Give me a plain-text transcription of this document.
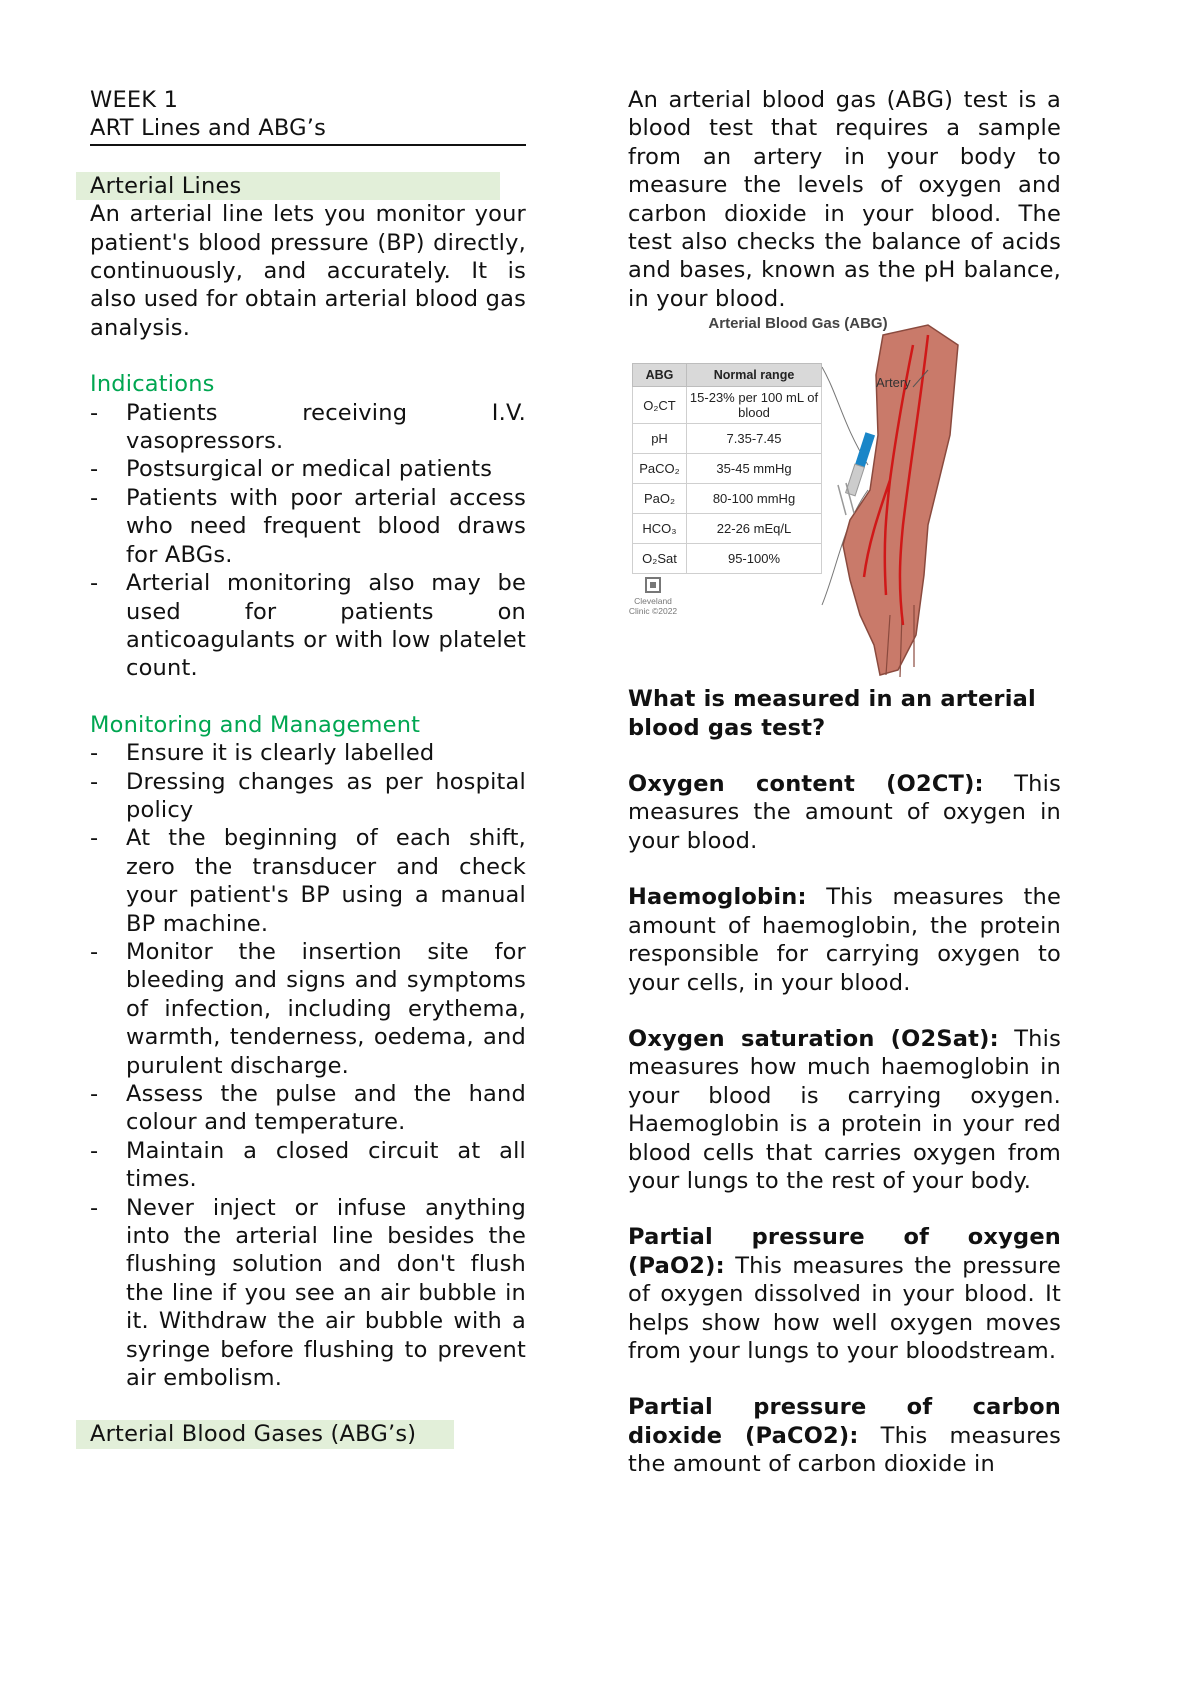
WEEK 1
ART Lines and ABG’s
Arterial Lines
An arterial line lets you monitor your patient's blood pressure (BP) directly, continuously, and accurately. It is also used for obtain arterial blood gas analysis.
Indications
- Patients receiving I.V. vasopressors.
- Postsurgical or medical patients
- Patients with poor arterial access who need frequent blood draws for ABGs.
- Arterial monitoring also may be used for patients on anticoagulants or with low platelet count.
Monitoring and Management
- Ensure it is clearly labelled
- Dressing changes as per hospital policy
- At the beginning of each shift, zero the transducer and check your patient's BP using a manual BP machine.
- Monitor the insertion site for bleeding and signs and symptoms of infection, including erythema, warmth, tenderness, oedema, and purulent discharge.
- Assess the pulse and the hand colour and temperature.
- Maintain a closed circuit at all times.
- Never inject or infuse anything into the arterial line besides the flushing solution and don't flush the line if you see an air bubble in it. Withdraw the air bubble with a syringe before flushing to prevent air embolism.
Arterial Blood Gases (ABG’s)
An arterial blood gas (ABG) test is a blood test that requires a sample from an artery in your body to measure the levels of oxygen and carbon dioxide in your blood. The test also checks the balance of acids and bases, known as the pH balance, in your blood.
Arterial Blood Gas (ABG)
Artery
ABG	Normal range
O₂CT	15-23% per 100 mL of blood
pH	7.35-7.45
PaCO₂	35-45 mmHg
PaO₂	80-100 mmHg
HCO₃	22-26 mEq/L
O₂Sat	95-100%
Cleveland Clinic ©2022
What is measured in an arterial blood gas test?
Oxygen content (O2CT): This measures the amount of oxygen in your blood.
Haemoglobin: This measures the amount of haemoglobin, the protein responsible for carrying oxygen to your cells, in your blood.
Oxygen saturation (O2Sat): This measures how much haemoglobin in your blood is carrying oxygen. Haemoglobin is a protein in your red blood cells that carries oxygen from your lungs to the rest of your body.
Partial pressure of oxygen (PaO2): This measures the pressure of oxygen dissolved in your blood. It helps show how well oxygen moves from your lungs to your bloodstream.
Partial pressure of carbon dioxide (PaCO2): This measures the amount of carbon dioxide in
